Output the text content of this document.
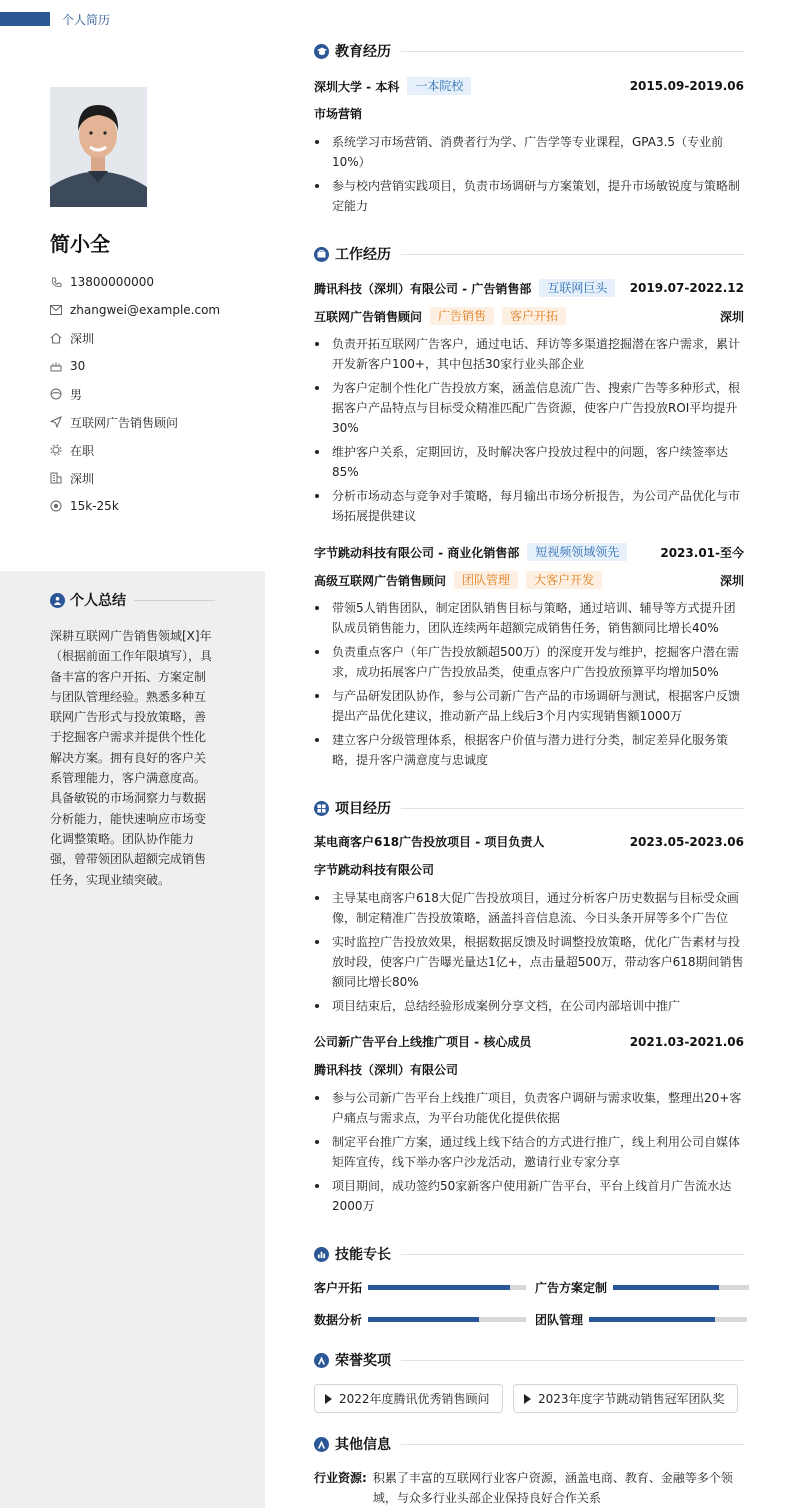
个人简历
简小全
13800000000
zhangwei@example.com
深圳
30
男
互联网广告销售顾问
在职
深圳
15k-25k
个人总结
深耕互联网广告销售领域[X]年（根据前面工作年限填写），具备丰富的客户开拓、方案定制与团队管理经验。熟悉多种互联网广告形式与投放策略，善于挖掘客户需求并提供个性化解决方案。拥有良好的客户关系管理能力，客户满意度高。具备敏锐的市场洞察力与数据分析能力，能快速响应市场变化调整策略。团队协作能力强，曾带领团队超额完成销售任务，实现业绩突破。
教育经历
深圳大学 - 本科	一本院校	2015.09-2019.06
市场营销
系统学习市场营销、消费者行为学、广告学等专业课程，GPA3.5（专业前10%）
参与校内营销实践项目，负责市场调研与方案策划，提升市场敏锐度与策略制定能力
工作经历
腾讯科技（深圳）有限公司 - 广告销售部	互联网巨头	2019.07-2022.12
互联网广告销售顾问	广告销售	客户开拓	深圳
负责开拓互联网广告客户，通过电话、拜访等多渠道挖掘潜在客户需求，累计开发新客户100+，其中包括30家行业头部企业
为客户定制个性化广告投放方案，涵盖信息流广告、搜索广告等多种形式，根据客户产品特点与目标受众精准匹配广告资源，使客户广告投放ROI平均提升30%
维护客户关系，定期回访，及时解决客户投放过程中的问题，客户续签率达85%
分析市场动态与竞争对手策略，每月输出市场分析报告，为公司产品优化与市场拓展提供建议
字节跳动科技有限公司 - 商业化销售部	短视频领域领先	2023.01-至今
高级互联网广告销售顾问	团队管理	大客户开发	深圳
带领5人销售团队，制定团队销售目标与策略，通过培训、辅导等方式提升团队成员销售能力，团队连续两年超额完成销售任务，销售额同比增长40%
负责重点客户（年广告投放额超500万）的深度开发与维护，挖掘客户潜在需求，成功拓展客户广告投放品类，使重点客户广告投放预算平均增加50%
与产品研发团队协作，参与公司新广告产品的市场调研与测试，根据客户反馈提出产品优化建议，推动新产品上线后3个月内实现销售额1000万
建立客户分级管理体系，根据客户价值与潜力进行分类，制定差异化服务策略，提升客户满意度与忠诚度
项目经历
某电商客户618广告投放项目 - 项目负责人	2023.05-2023.06
字节跳动科技有限公司
主导某电商客户618大促广告投放项目，通过分析客户历史数据与目标受众画像，制定精准广告投放策略，涵盖抖音信息流、今日头条开屏等多个广告位
实时监控广告投放效果，根据数据反馈及时调整投放策略，优化广告素材与投放时段，使客户广告曝光量达1亿+，点击量超500万，带动客户618期间销售额同比增长80%
项目结束后，总结经验形成案例分享文档，在公司内部培训中推广
公司新广告平台上线推广项目 - 核心成员	2021.03-2021.06
腾讯科技（深圳）有限公司
参与公司新广告平台上线推广项目，负责客户调研与需求收集，整理出20+客户痛点与需求点，为平台功能优化提供依据
制定平台推广方案，通过线上线下结合的方式进行推广，线上利用公司自媒体矩阵宣传，线下举办客户沙龙活动，邀请行业专家分享
项目期间，成功签约50家新客户使用新广告平台，平台上线首月广告流水达2000万
技能专长
客户开拓	广告方案定制
数据分析	团队管理
荣誉奖项
2022年度腾讯优秀销售顾问	2023年度字节跳动销售冠军团队奖
其他信息
行业资源: 积累了丰富的互联网行业客户资源，涵盖电商、教育、金融等多个领域，与众多行业头部企业保持良好合作关系
